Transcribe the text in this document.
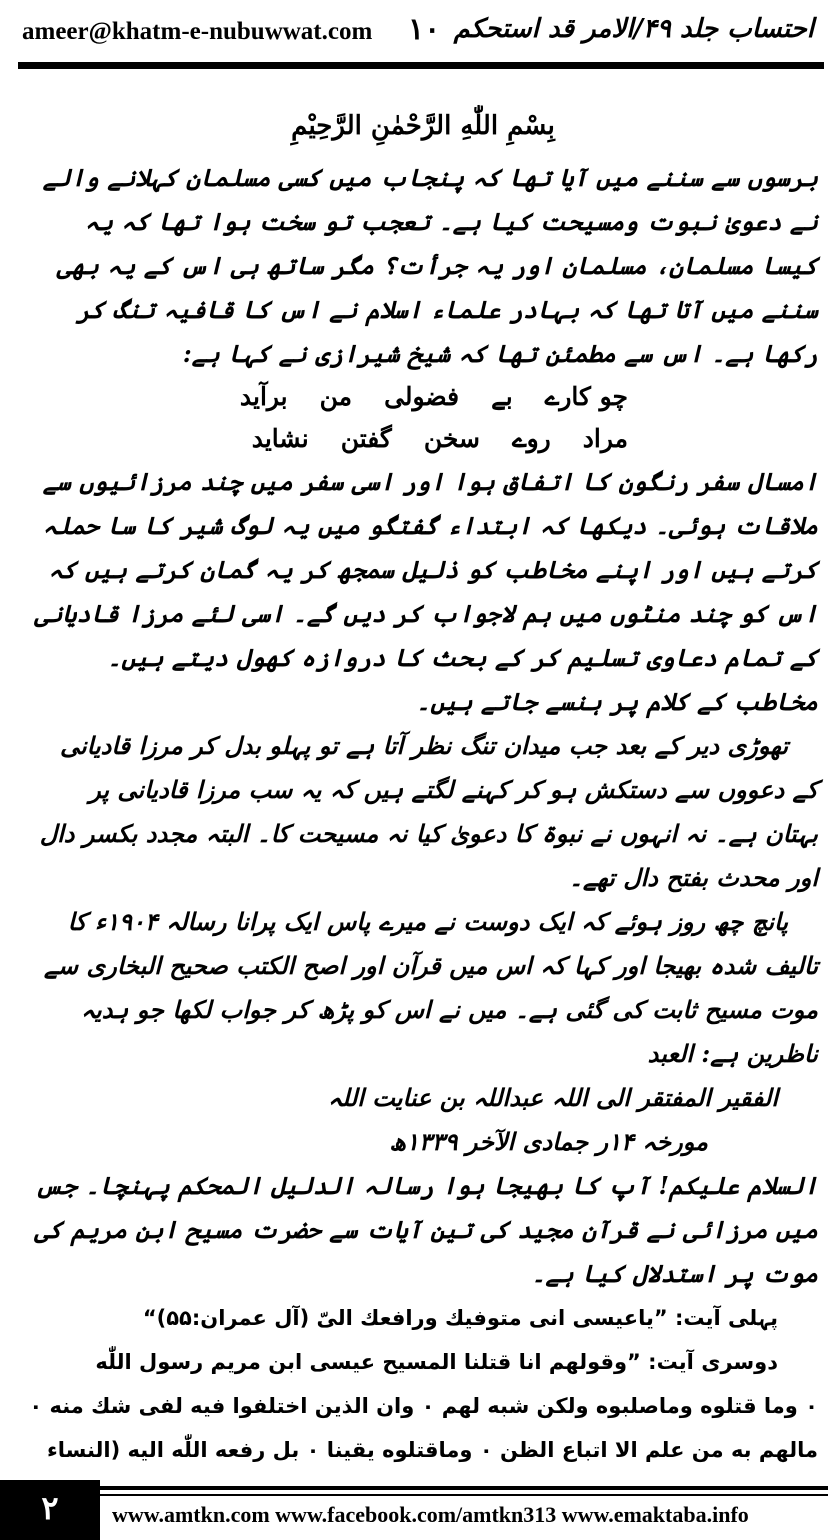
ameer@khatm-e-nubuwwat.com ۱۰ احتساب جلد ۴۹/الامر قد استحکم
بِسْمِ اللّٰهِ الرَّحْمٰنِ الرَّحِیْمِ

برسوں سے سننے میں آیا تھا کہ پنجاب میں کسی مسلمان کہلانے والے نے دعویٰ نبوت ومسیحت کیا ہے۔ تعجب تو سخت ہوا تھا کہ یہ کیسا مسلمان، مسلمان اور یہ جرأت؟ مگر ساتھ ہی اس کے یہ بھی سننے میں آتا تھا کہ بہادر علماء اسلام نے اس کا قافیہ تنگ کر رکھا ہے۔ اس سے مطمئن تھا کہ شیخ شیرازی نے کہا ہے:

چو کارےبےفضولیمنبرآید
مرادروےسخنگفتننشاید

امسال سفر رنگون کا اتفاق ہوا اور اسی سفر میں چند مرزائیوں سے ملاقات ہوئی۔ دیکھا کہ ابتداء گفتگو میں یہ لوگ شیر کا سا حملہ کرتے ہیں اور اپنے مخاطب کو ذلیل سمجھ کر یہ گمان کرتے ہیں کہ اس کو چند منٹوں میں ہم لاجواب کر دیں گے۔ اسی لئے مرزا قادیانی کے تمام دعاوی تسلیم کر کے بحث کا دروازہ کھول دیتے ہیں۔ مخاطب کے کلام پر ہنسے جاتے ہیں۔

تھوڑی دیر کے بعد جب میدان تنگ نظر آتا ہے تو پہلو بدل کر مرزا قادیانی کے دعووں سے دستکش ہو کر کہنے لگتے ہیں کہ یہ سب مرزا قادیانی پر بہتان ہے۔ نہ انہوں نے نبوۃ کا دعویٰ کیا نہ مسیحت کا۔ البتہ مجدد بکسر دال اور محدث بفتح دال تھے۔

پانچ چھ روز ہوئے کہ ایک دوست نے میرے پاس ایک پرانا رسالہ ۱۹۰۴ء کا تالیف شدہ بھیجا اور کہا کہ اس میں قرآن اور اصح الکتب صحیح البخاری سے موت مسیح ثابت کی گئی ہے۔ میں نے اس کو پڑھ کر جواب لکھا جو ہدیہ ناظرین ہے: العبد

الفقیر المفتقر الی اللہ عبداللہ بن عنایت اللہ

مورخہ ۱۴ر جمادی الآخر ۱۳۳۹ھ

السلام علیکم! آپ کا بھیجا ہوا رسالہ الدلیل المحکم پہنچا۔ جس میں مرزائی نے قرآن مجید کی تین آیات سے حضرت مسیح ابن مریم کی موت پر استدلال کیا ہے۔

پہلی آیت: ”یاعیسی انی متوفیك ورافعك الیّ (آل عمران:۵۵)“

دوسری آیت: ”وقولهم انا قتلنا المسیح عیسی ابن مریم رسول اللّٰه

۰ وما قتلوه وماصلبوه ولكن شبه لهم ۰ وان الذین اختلفوا فیه لفی شك منه ۰

مالهم به من علم الا اتباع الظن ۰ وماقتلوه یقینا ۰ بل رفعه اللّٰه الیه (النساء

۲	www.amtkn.com www.facebook.com/amtkn313 www.emaktaba.info
